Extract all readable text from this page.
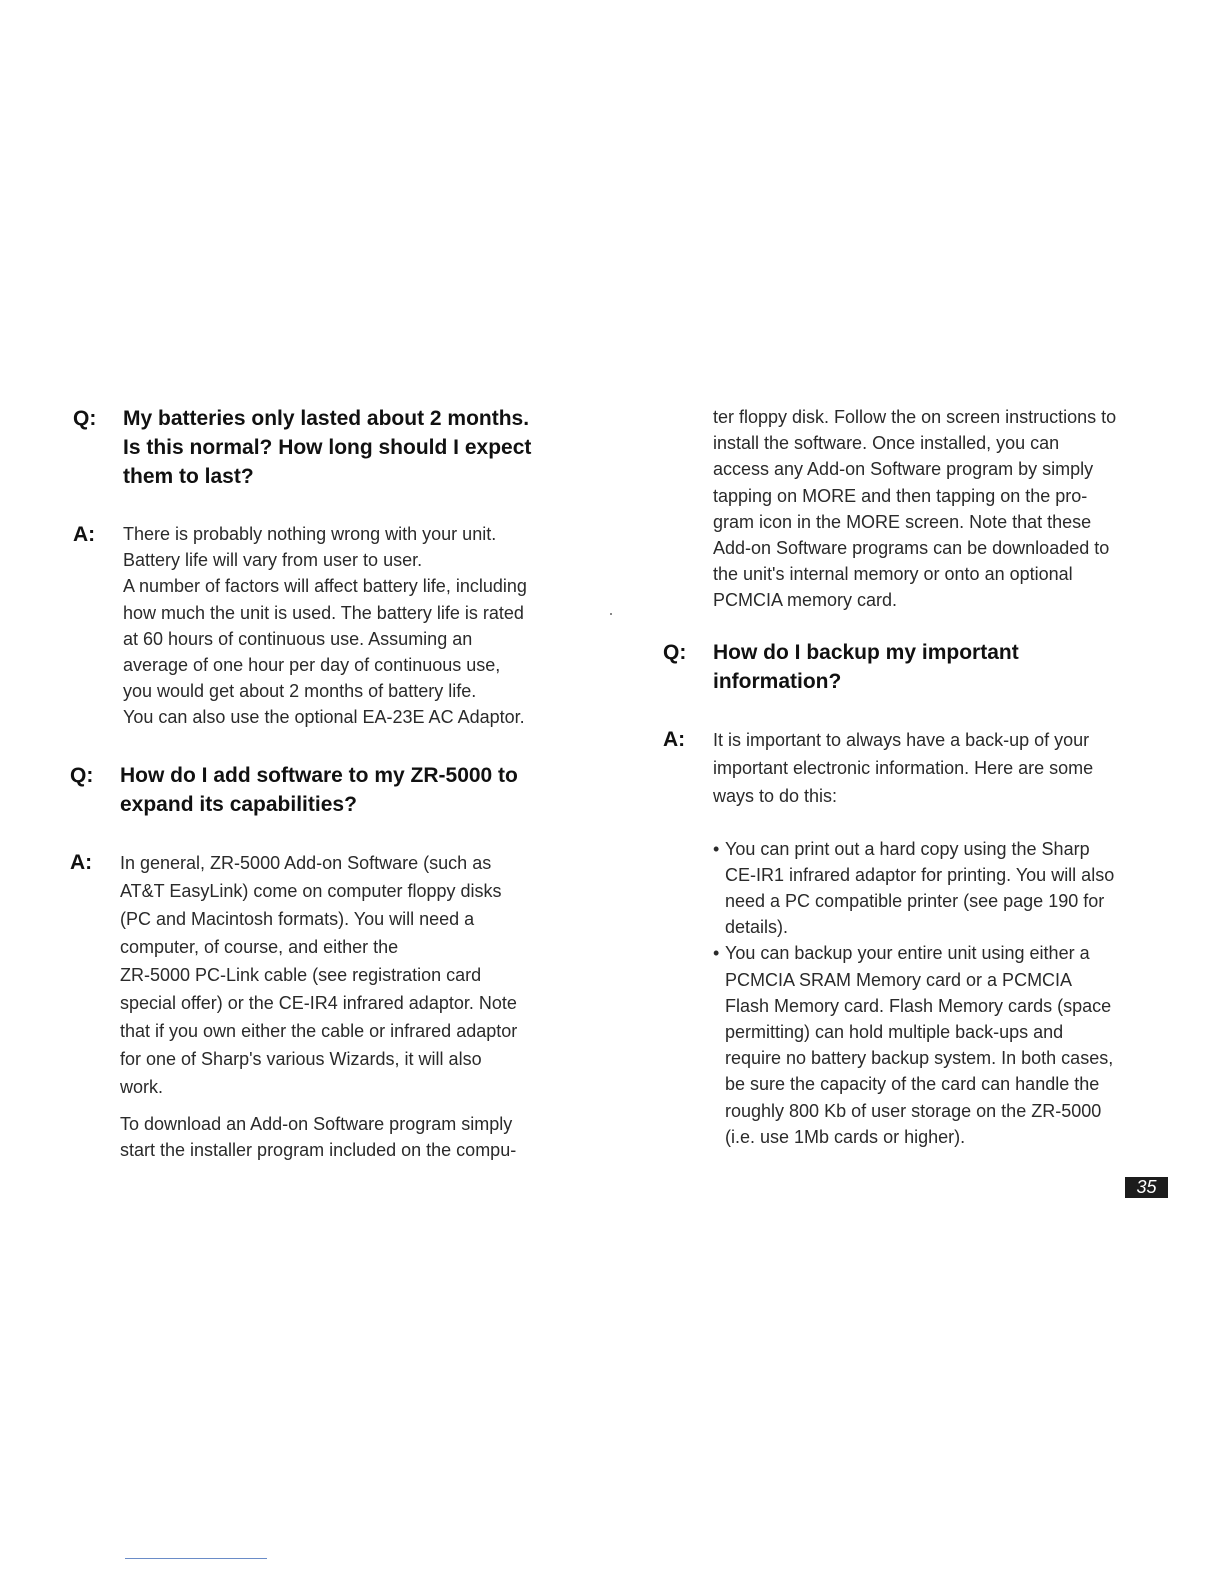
Q: My batteries only lasted about 2 months.
Is this normal? How long should I expect
them to last?
A: There is probably nothing wrong with your unit.

Battery life will vary from user to user.

A number of factors will affect battery life, including

how much the unit is used. The battery life is rated

at 60 hours of continuous use. Assuming an

average of one hour per day of continuous use,

you would get about 2 months of battery life.

You can also use the optional EA-23E AC Adaptor.

Q: How do I add software to my ZR-5000 to
expand its capabilities?
A: In general, ZR-5000 Add-on Software (such as

AT&T EasyLink) come on computer floppy disks

(PC and Macintosh formats). You will need a

computer, of course, and either the

ZR-5000 PC-Link cable (see registration card

special offer) or the CE-IR4 infrared adaptor. Note

that if you own either the cable or infrared adaptor

for one of Sharp's various Wizards, it will also

work.

To download an Add-on Software program simply

start the installer program included on the compu-

ter floppy disk. Follow the on screen instructions to

install the software. Once installed, you can

access any Add-on Software program by simply

tapping on MORE and then tapping on the pro-

gram icon in the MORE screen. Note that these

Add-on Software programs can be downloaded to

the unit's internal memory or onto an optional

PCMCIA memory card.

Q: How do I backup my important
information?
A: It is important to always have a back-up of your

important electronic information. Here are some

ways to do this:

• You can print out a hard copy using the Sharp

CE-IR1 infrared adaptor for printing. You will also

need a PC compatible printer (see page 190 for

details).

• You can backup your entire unit using either a

PCMCIA SRAM Memory card or a PCMCIA

Flash Memory card. Flash Memory cards (space

permitting) can hold multiple back-ups and

require no battery backup system. In both cases,

be sure the capacity of the card can handle the

roughly 800 Kb of user storage on the ZR-5000

(i.e. use 1Mb cards or higher).

35
